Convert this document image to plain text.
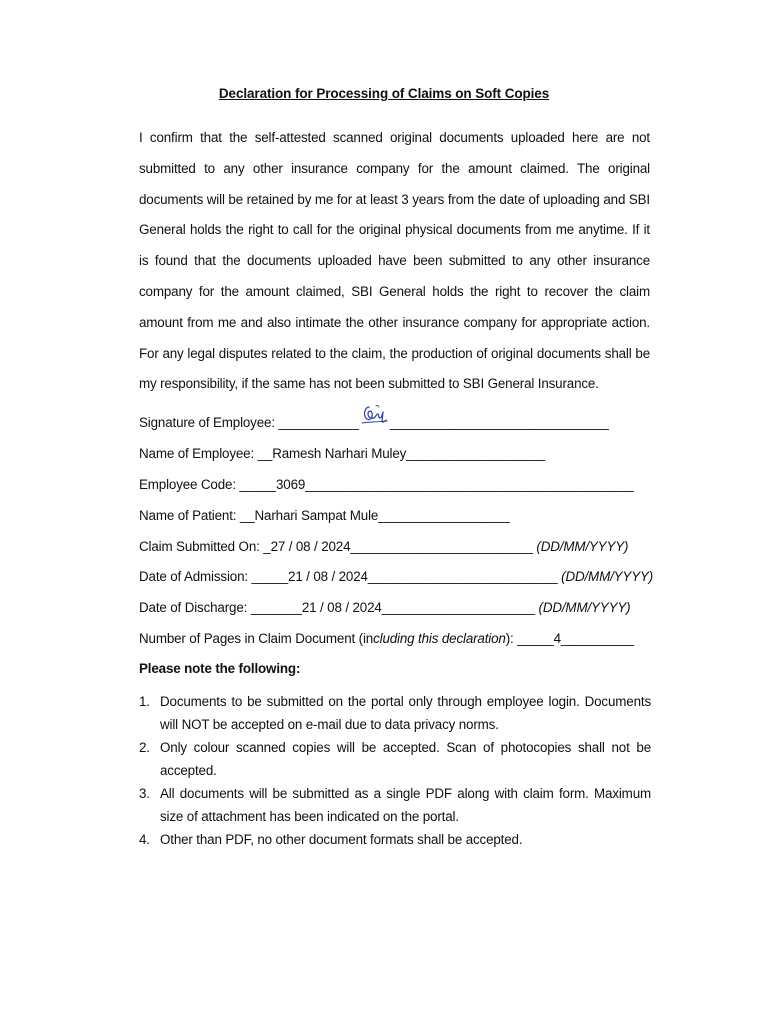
Declaration for Processing of Claims on Soft Copies

I confirm that the self-attested scanned original documents uploaded here are not submitted to any other insurance company for the amount claimed. The original documents will be retained by me for at least 3 years from the date of uploading and SBI General holds the right to call for the original physical documents from me anytime. If it is found that the documents uploaded have been submitted to any other insurance company for the amount claimed, SBI General holds the right to recover the claim amount from me and also intimate the other insurance company for appropriate action. For any legal disputes related to the claim, the production of original documents shall be my responsibility, if the same has not been submitted to SBI General Insurance.

Signature of Employee: ___________ ______________________________
Name of Employee: __Ramesh Narhari Muley___________________
Employee Code: _____3069_____________________________________________
Name of Patient: __Narhari Sampat Mule__________________
Claim Submitted On: _27 / 08 / 2024_________________________ (DD/MM/YYYY)
Date of Admission: _____21 / 08 / 2024__________________________ (DD/MM/YYYY)
Date of Discharge: _______21 / 08 / 2024_____________________ (DD/MM/YYYY)
Number of Pages in Claim Document (including this declaration): _____4__________
Please note the following:
1. Documents to be submitted on the portal only through employee login. Documents will NOT be accepted on e-mail due to data privacy norms.
2. Only colour scanned copies will be accepted. Scan of photocopies shall not be accepted.
3. All documents will be submitted as a single PDF along with claim form. Maximum size of attachment has been indicated on the portal.
4. Other than PDF, no other document formats shall be accepted.
